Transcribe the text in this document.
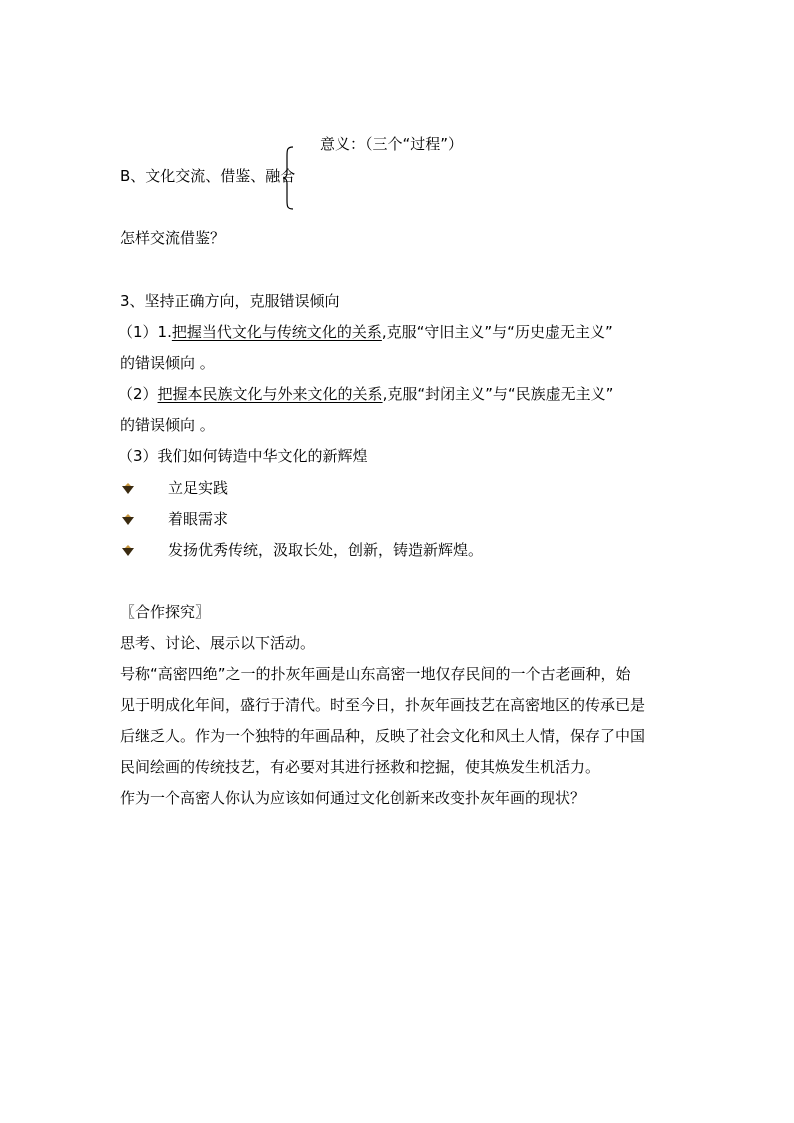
意义：（三个“过程”）
B、文化交流、借鉴、融合
怎样交流借鉴？
3、坚持正确方向，克服错误倾向
（1）1.把握当代文化与传统文化的关系,克服“守旧主义”与“历史虚无主义”
的错误倾向 。
（2）把握本民族文化与外来文化的关系,克服“封闭主义”与“民族虚无主义”
的错误倾向 。
（3）我们如何铸造中华文化的新辉煌
立足实践
着眼需求
发扬优秀传统，汲取长处，创新，铸造新辉煌。
〖合作探究〗
思考、讨论、展示以下活动。
号称“高密四绝”之一的扑灰年画是山东高密一地仅存民间的一个古老画种，始
见于明成化年间，盛行于清代。时至今日，扑灰年画技艺在高密地区的传承已是
后继乏人。作为一个独特的年画品种，反映了社会文化和风土人情，保存了中国
民间绘画的传统技艺，有必要对其进行拯救和挖掘，使其焕发生机活力。
作为一个高密人你认为应该如何通过文化创新来改变扑灰年画的现状？
